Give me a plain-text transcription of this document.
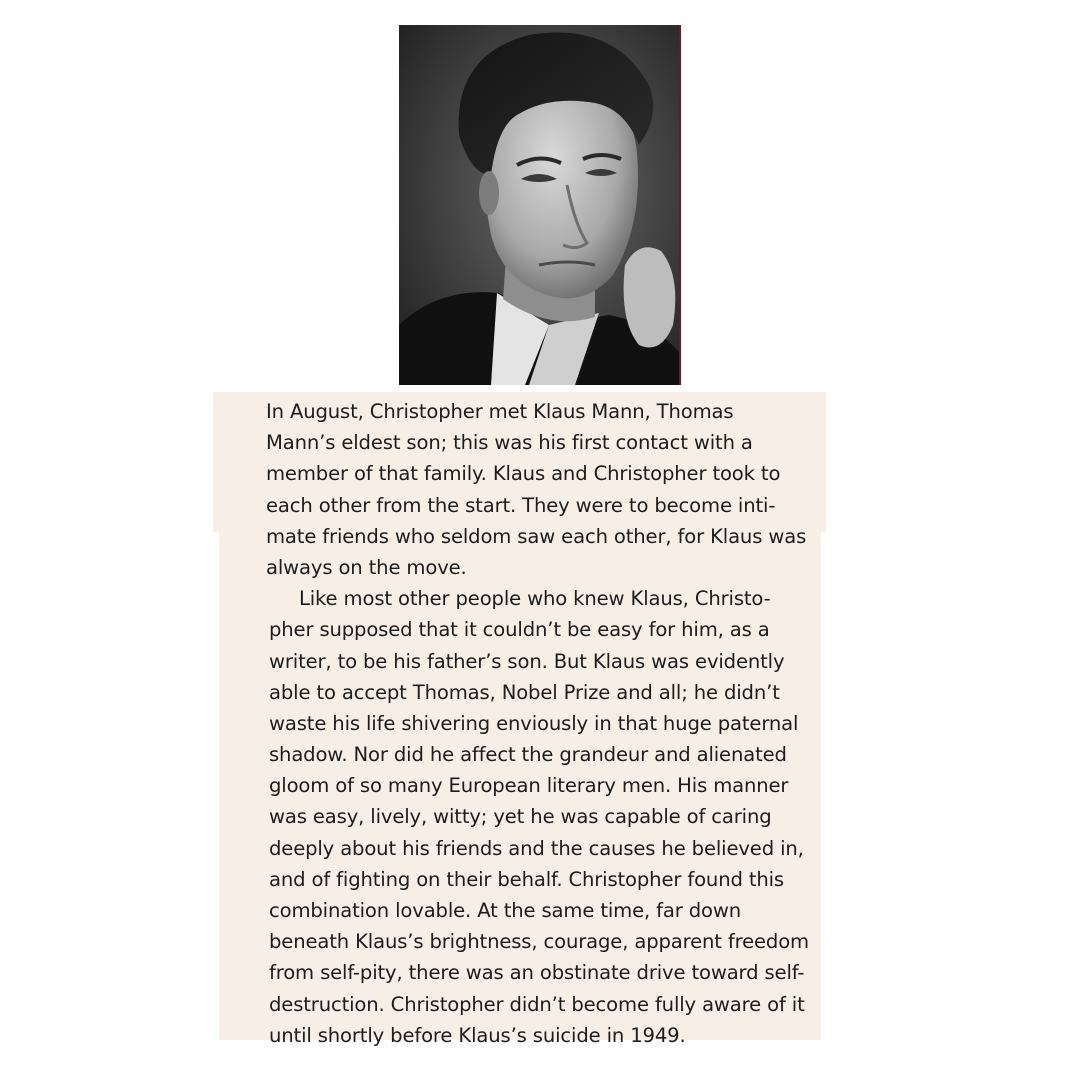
In August, Christopher met Klaus Mann, Thomas
Mann’s eldest son; this was his first contact with a
member of that family. Klaus and Christopher took to
each other from the start. They were to become inti-
mate friends who seldom saw each other, for Klaus was
always on the move.
Like most other people who knew Klaus, Christo-
pher supposed that it couldn’t be easy for him, as a
writer, to be his father’s son. But Klaus was evidently
able to accept Thomas, Nobel Prize and all; he didn’t
waste his life shivering enviously in that huge paternal
shadow. Nor did he affect the grandeur and alienated
gloom of so many European literary men. His manner
was easy, lively, witty; yet he was capable of caring
deeply about his friends and the causes he believed in,
and of fighting on their behalf. Christopher found this
combination lovable. At the same time, far down
beneath Klaus’s brightness, courage, apparent freedom
from self-pity, there was an obstinate drive toward self-
destruction. Christopher didn’t become fully aware of it
until shortly before Klaus’s suicide in 1949.
